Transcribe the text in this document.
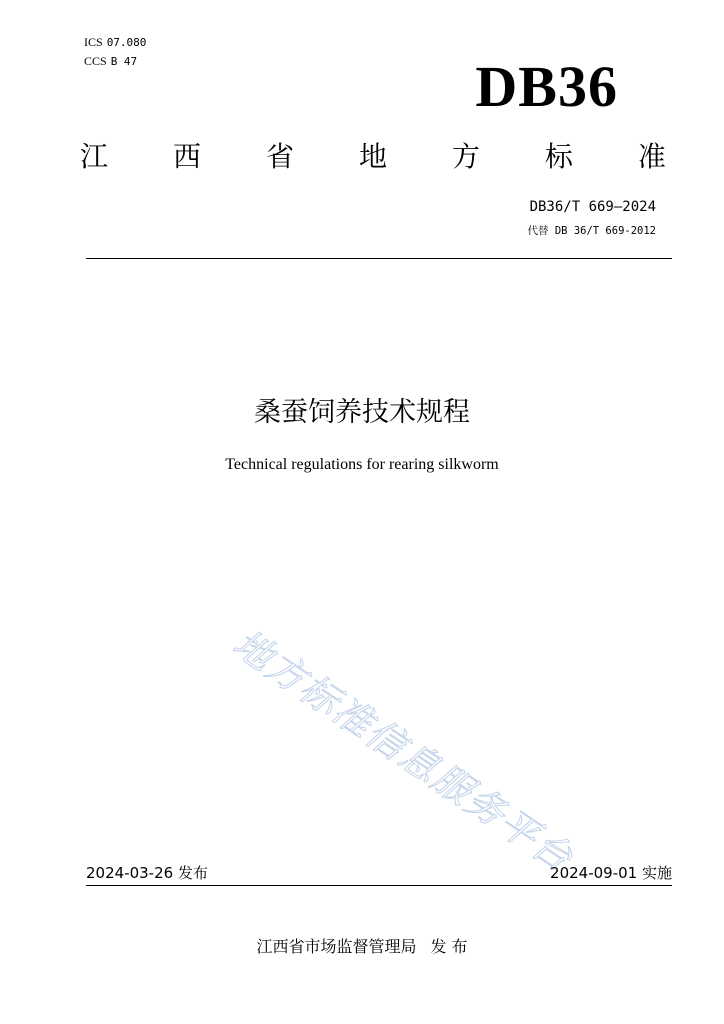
ICS 07.080
CCS B 47	DB36
江 西 省 地 方 标 准
DB36/T 669—2024
代替 DB 36/T 669-2012
桑蚕饲养技术规程
Technical regulations for rearing silkworm
地方标准信息服务平台
2024-03-26 发布	2024-09-01 实施
江西省市场监督管理局 发 布
